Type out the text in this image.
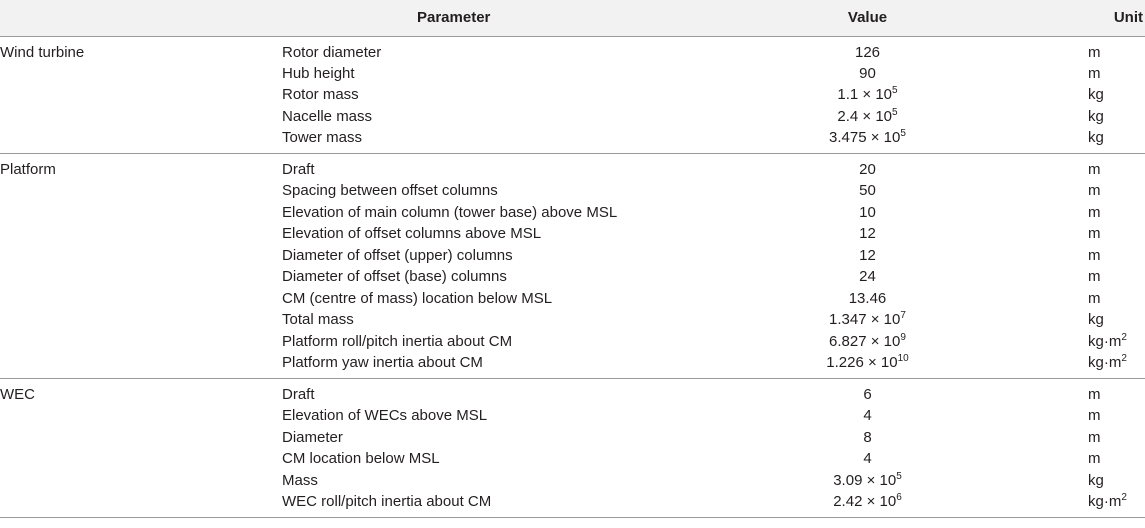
	Parameter	Value	Unit
Wind turbine	Rotor diameter	126	m
	Hub height	90	m
	Rotor mass	$1.1 \times 10^5$	kg
	Nacelle mass	$2.4 \times 10^5$	kg
	Tower mass	$3.475 \times 10^5$	kg
Platform	Draft	20	m
	Spacing between offset columns	50	m
	Elevation of main column (tower base) above MSL	10	m
	Elevation of offset columns above MSL	12	m
	Diameter of offset (upper) columns	12	m
	Diameter of offset (base) columns	24	m
	CM (centre of mass) location below MSL	13.46	m
	Total mass	$1.347 \times 10^7$	kg
	Platform roll/pitch inertia about CM	$6.827 \times 10^9$	$kg\cdot m^2$
	Platform yaw inertia about CM	$1.226 \times 10^{10}$	$kg\cdot m^2$
WEC	Draft	6	m
	Elevation of WECs above MSL	4	m
	Diameter	8	m
	CM location below MSL	4	m
	Mass	$3.09 \times 10^5$	kg
	WEC roll/pitch inertia about CM	$2.42 \times 10^6$	$kg\cdot m^2$
